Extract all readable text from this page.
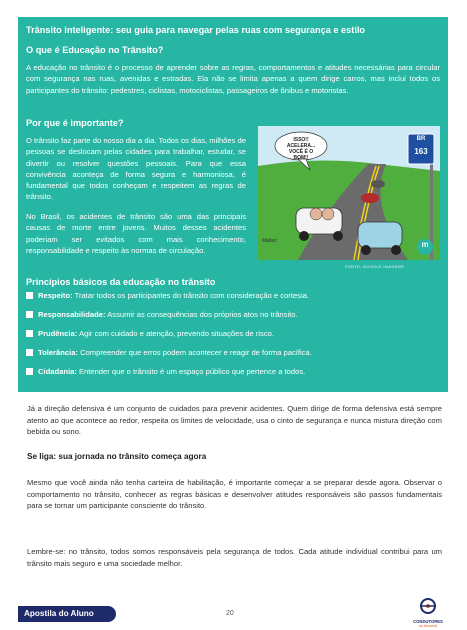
Trânsito inteligente: seu guia para navegar pelas ruas com segurança e estilo
O que é Educação no Trânsito?
A educação no trânsito é o processo de aprender sobre as regras, comportamentos e atitudes necessárias para circular com segurança nas ruas, avenidas e estradas. Ela não se limita apenas a quem dirige carros, mas inclui todos os participantes do trânsito: pedestres, ciclistas, motociclistas, passageiros de ônibus e motoristas.
Por que é importante?
O trânsito faz parte do nosso dia a dia. Todos os dias, milhões de pessoas se deslocam pelas cidades para trabalhar, estudar, se divertir ou resolver questões pessoais. Para que essa convivência aconteça de forma segura e harmoniosa, é fundamental que todos conheçam e respeitem as regras de trânsito.
No Brasil, os acidentes de trânsito são uma das principais causas de morte entre jovens. Muitos desses acidentes poderiam ser evitados com mais conhecimento, responsabilidade e respeito às normas de circulação.
ISSO!! ACELERA... VOCÊ É O BOM!!
BR
163
m
Maltez
FONTE: GOOGLE IMAGENS
Princípios básicos da educação no trânsito
Respeito: Tratar todos os participantes do trânsito com consideração e cortesia.
Responsabilidade: Assumir as consequências dos próprios atos no trânsito.
Prudência: Agir com cuidado e atenção, prevendo situações de risco.
Tolerância: Compreender que erros podem acontecer e reagir de forma pacífica.
Cidadania: Entender que o trânsito é um espaço público que pertence a todos.
Já a direção defensiva é um conjunto de cuidados para prevenir acidentes. Quem dirige de forma defensiva está sempre atento ao que acontece ao redor, respeita os limites de velocidade, usa o cinto de segurança e nunca mistura direção com bebida ou sono.
Se liga: sua jornada no trânsito começa agora
Mesmo que você ainda não tenha carteira de habilitação, é importante começar a se preparar desde agora. Observar o comportamento no trânsito, conhecer as regras básicas e desenvolver atitudes responsáveis são passos fundamentais para se tornar um participante consciente do trânsito.
Lembre-se: no trânsito, todos somos responsáveis pela segurança de todos. Cada atitude individual contribui para um trânsito mais seguro e uma sociedade melhor.
Apostila do Aluno	20
CONDUTORES
do Amanhã
